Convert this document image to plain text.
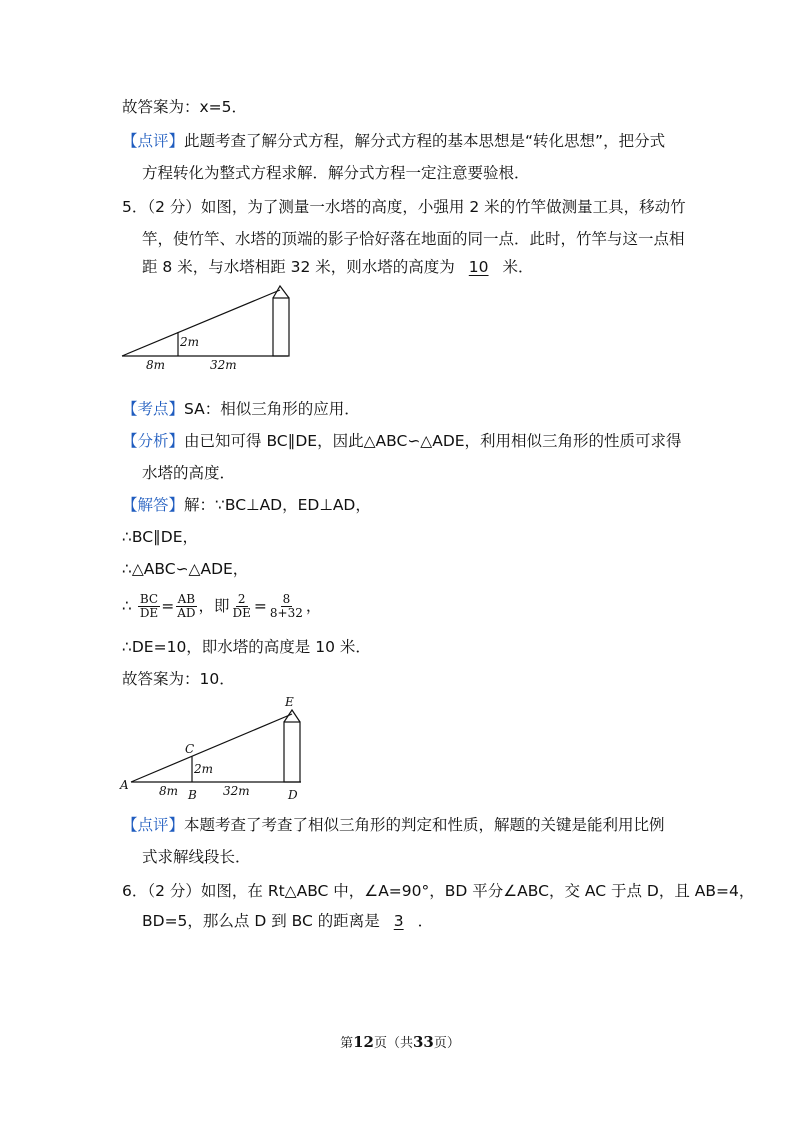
故答案为：x=5．
【点评】此题考查了解分式方程，解分式方程的基本思想是“转化思想”，把分式
方程转化为整式方程求解．解分式方程一定注意要验根．
5．（2 分）如图，为了测量一水塔的高度，小强用 2 米的竹竿做测量工具，移动竹
竿，使竹竿、水塔的顶端的影子恰好落在地面的同一点．此时，竹竿与这一点相
距 8 米，与水塔相距 32 米，则水塔的高度为 10 米．
2m
8m	32m
【考点】SA：相似三角形的应用．
【分析】由已知可得 BC∥DE，因此△ABC∽△ADE，利用相似三角形的性质可求得
水塔的高度．
【解答】解：∵BC⊥AD，ED⊥AD，
∴BC∥DE，
∴△ABC∽△ADE，
∴ $\frac{BC}{DE} = \frac{AB}{AD}$ ，即 $\frac{2}{DE} = \frac{8}{8+32}$ ，
∴DE=10，即水塔的高度是 10 米．
故答案为：10．
E
C
A
B	D
2m
8m	32m
【点评】本题考查了考查了相似三角形的判定和性质，解题的关键是能利用比例
式求解线段长．
6．（2 分）如图，在 Rt△ABC 中，∠A=90°，BD 平分∠ABC，交 AC 于点 D，且 AB=4，
BD=5，那么点 D 到 BC 的距离是 3 ．
第12页（共33页）
